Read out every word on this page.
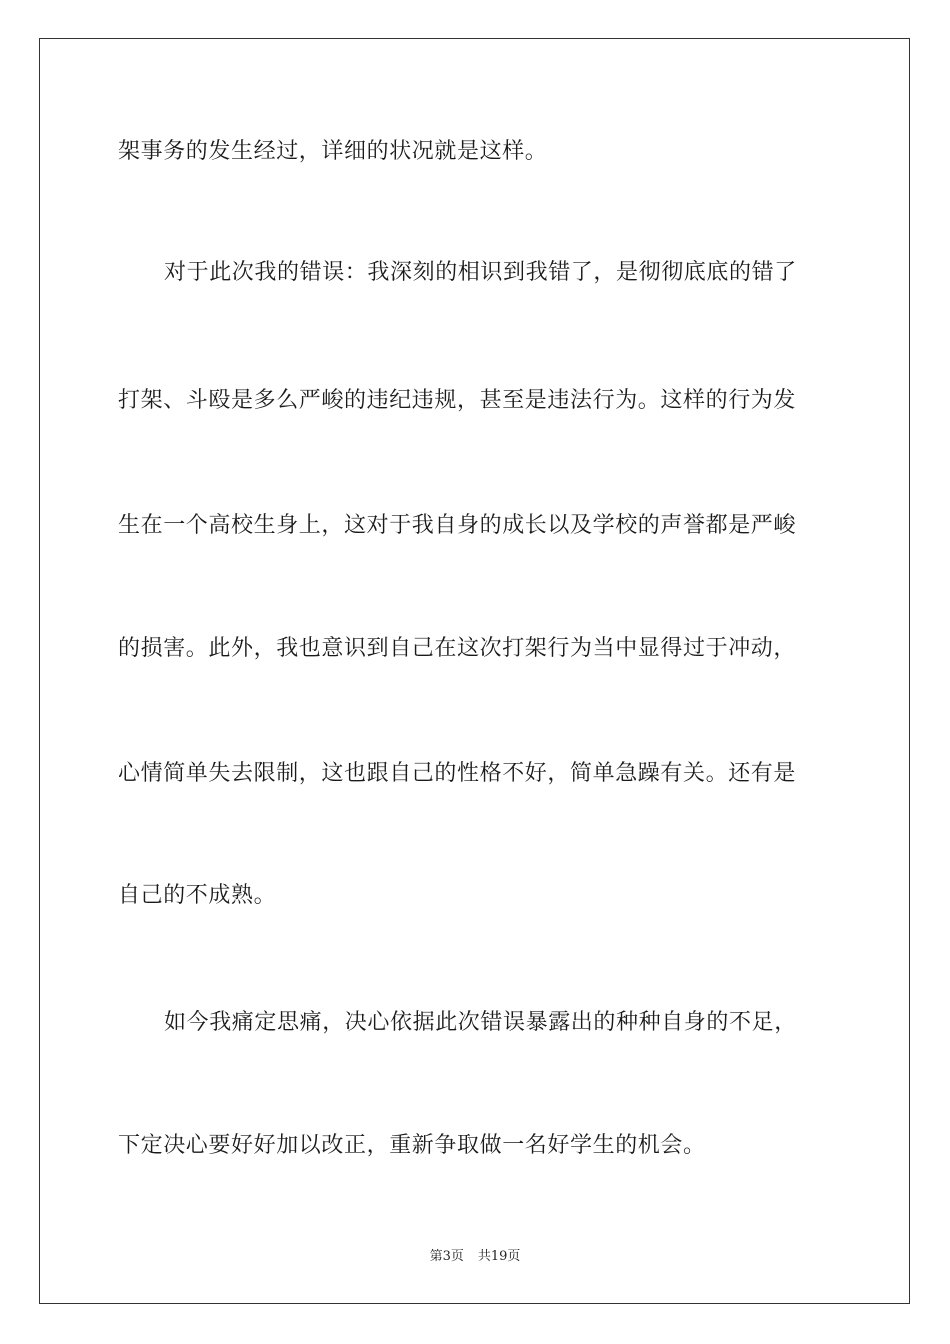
架事务的发生经过，详细的状况就是这样。
对于此次我的错误：我深刻的相识到我错了，是彻彻底底的错了
打架、斗殴是多么严峻的违纪违规，甚至是违法行为。这样的行为发
生在一个高校生身上，这对于我自身的成长以及学校的声誉都是严峻
的损害。此外，我也意识到自己在这次打架行为当中显得过于冲动，
心情简单失去限制，这也跟自己的性格不好，简单急躁有关。还有是
自己的不成熟。
如今我痛定思痛，决心依据此次错误暴露出的种种自身的不足，
下定决心要好好加以改正，重新争取做一名好学生的机会。
第3页 共19页
